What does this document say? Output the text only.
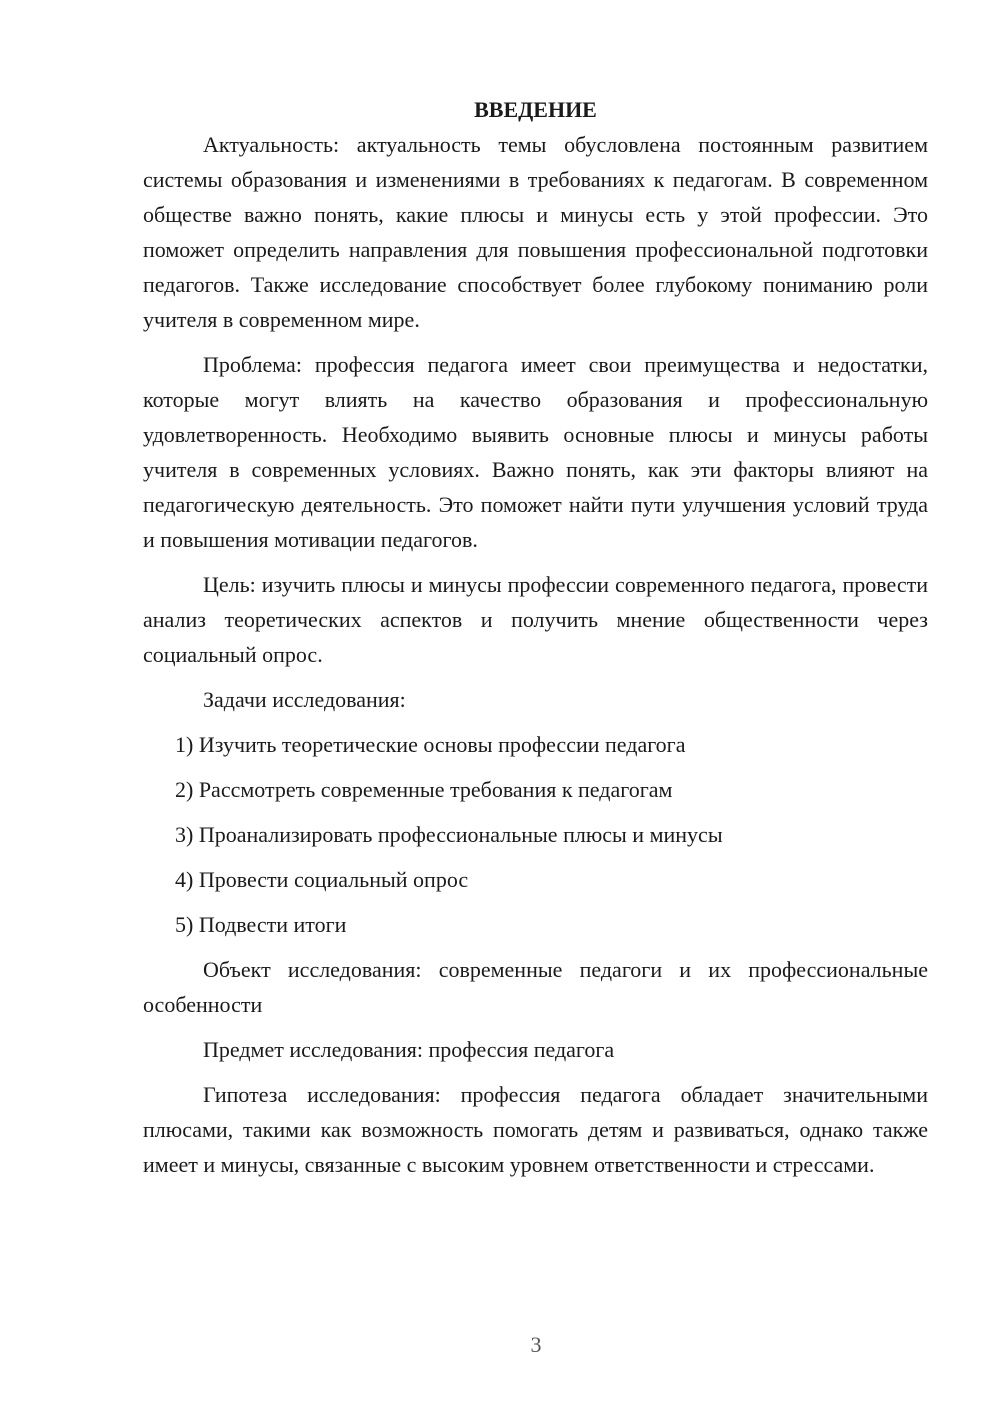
ВВЕДЕНИЕ

Актуальность: актуальность темы обусловлена постоянным развитием системы образования и изменениями в требованиях к педагогам. В современном обществе важно понять, какие плюсы и минусы есть у этой профессии. Это поможет определить направления для повышения профессиональной подготовки педагогов. Также исследование способствует более глубокому пониманию роли учителя в современном мире.

Проблема: профессия педагога имеет свои преимущества и недостатки, которые могут влиять на качество образования и профессиональную удовлетворенность. Необходимо выявить основные плюсы и минусы работы учителя в современных условиях. Важно понять, как эти факторы влияют на педагогическую деятельность. Это поможет найти пути улучшения условий труда и повышения мотивации педагогов.

Цель: изучить плюсы и минусы профессии современного педагога, провести анализ теоретических аспектов и получить мнение общественности через социальный опрос.

Задачи исследования:

1) Изучить теоретические основы профессии педагога
2) Рассмотреть современные требования к педагогам
3) Проанализировать профессиональные плюсы и минусы
4) Провести социальный опрос
5) Подвести итоги

Объект исследования: современные педагоги и их профессиональные особенности

Предмет исследования: профессия педагога

Гипотеза исследования: профессия педагога обладает значительными плюсами, такими как возможность помогать детям и развиваться, однако также имеет и минусы, связанные с высоким уровнем ответственности и стрессами.

3
